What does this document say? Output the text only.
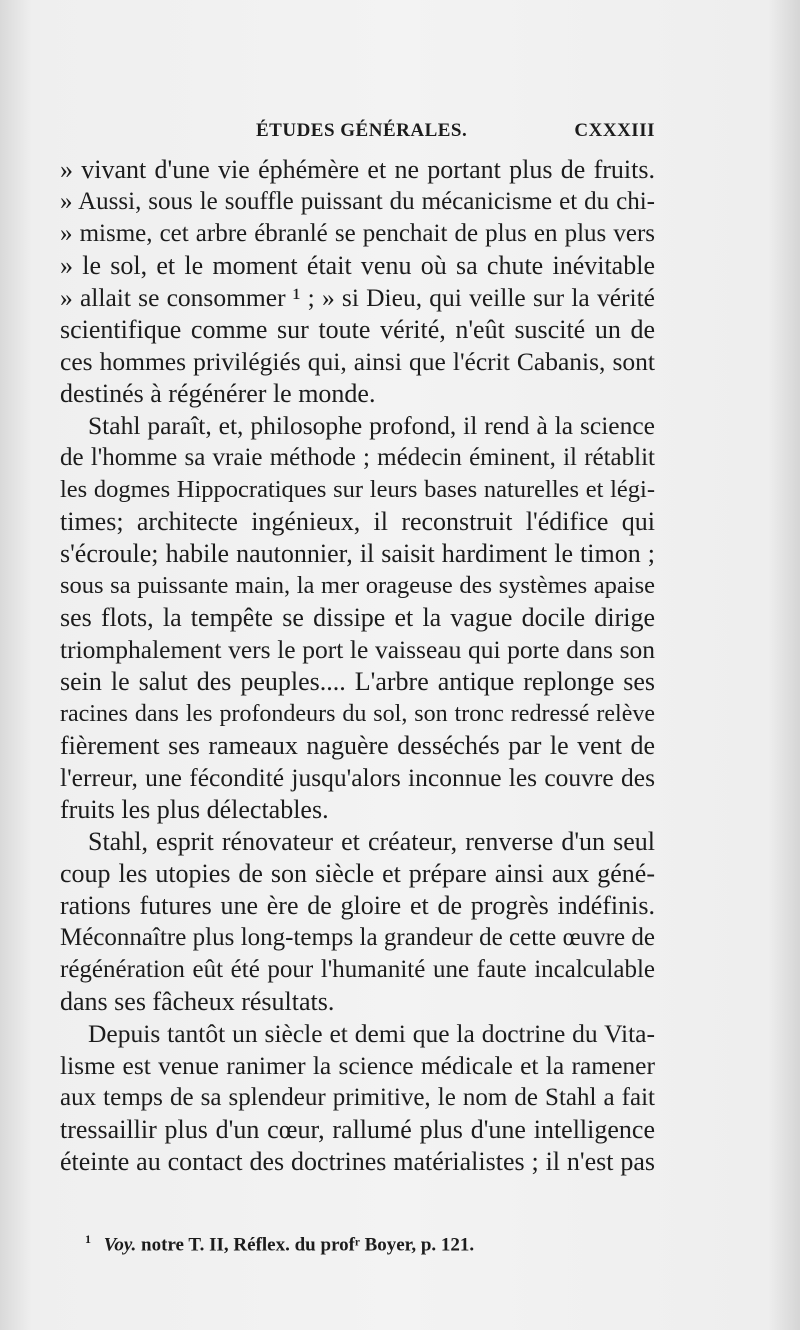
ÉTUDES GÉNÉRALES.	CXXXIII
» vivant d'une vie éphémère et ne portant plus de fruits.
» Aussi, sous le souffle puissant du mécanicisme et du chi-
» misme, cet arbre ébranlé se penchait de plus en plus vers
» le sol, et le moment était venu où sa chute inévitable
» allait se consommer ¹ ; » si Dieu, qui veille sur la vérité
scientifique comme sur toute vérité, n'eût suscité un de
ces hommes privilégiés qui, ainsi que l'écrit Cabanis, sont
destinés à régénérer le monde.
Stahl paraît, et, philosophe profond, il rend à la science
de l'homme sa vraie méthode ; médecin éminent, il rétablit
les dogmes Hippocratiques sur leurs bases naturelles et légi-
times; architecte ingénieux, il reconstruit l'édifice qui
s'écroule; habile nautonnier, il saisit hardiment le timon ;
sous sa puissante main, la mer orageuse des systèmes apaise
ses flots, la tempête se dissipe et la vague docile dirige
triomphalement vers le port le vaisseau qui porte dans son
sein le salut des peuples.... L'arbre antique replonge ses
racines dans les profondeurs du sol, son tronc redressé relève
fièrement ses rameaux naguère desséchés par le vent de
l'erreur, une fécondité jusqu'alors inconnue les couvre des
fruits les plus délectables.
Stahl, esprit rénovateur et créateur, renverse d'un seul
coup les utopies de son siècle et prépare ainsi aux géné-
rations futures une ère de gloire et de progrès indéfinis.
Méconnaître plus long-temps la grandeur de cette œuvre de
régénération eût été pour l'humanité une faute incalculable
dans ses fâcheux résultats.
Depuis tantôt un siècle et demi que la doctrine du Vita-
lisme est venue ranimer la science médicale et la ramener
aux temps de sa splendeur primitive, le nom de Stahl a fait
tressaillir plus d'un cœur, rallumé plus d'une intelligence
éteinte au contact des doctrines matérialistes ; il n'est pas
$^1$ Voy. notre T. II, Réflex. du profʳ Boyer, p. 121.
